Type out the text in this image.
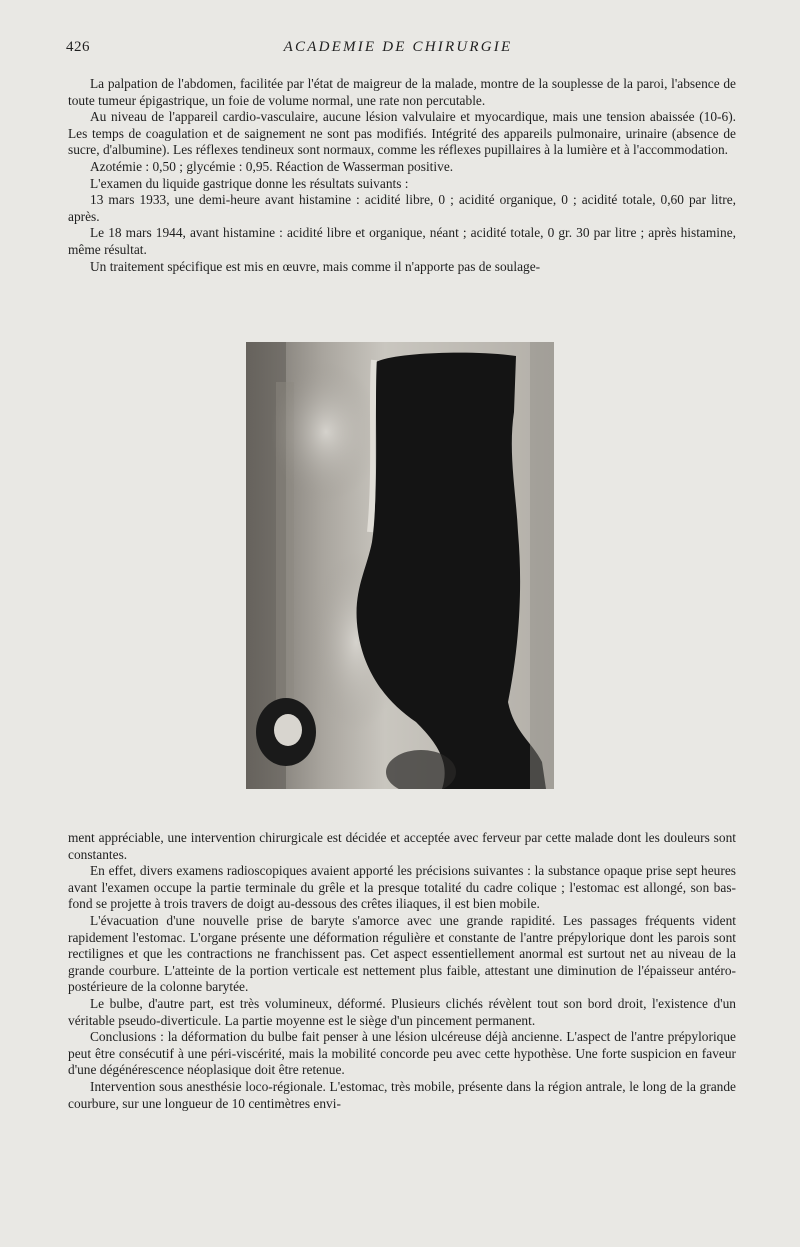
426	ACADEMIE DE CHIRURGIE

La palpation de l'abdomen, facilitée par l'état de maigreur de la malade, montre de la souplesse de la paroi, l'absence de toute tumeur épigastrique, un foie de volume normal, une rate non percutable.

Au niveau de l'appareil cardio-vasculaire, aucune lésion valvulaire et myocardique, mais une tension abaissée (10-6). Les temps de coagulation et de saignement ne sont pas modifiés. Intégrité des appareils pulmonaire, urinaire (absence de sucre, d'albumine). Les réflexes tendineux sont normaux, comme les réflexes pupillaires à la lumière et à l'accommodation.

Azotémie : 0,50 ; glycémie : 0,95. Réaction de Wasserman positive.

L'examen du liquide gastrique donne les résultats suivants :

13 mars 1933, une demi-heure avant histamine : acidité libre, 0 ; acidité organique, 0 ; acidité totale, 0,60 par litre, après.

Le 18 mars 1944, avant histamine : acidité libre et organique, néant ; acidité totale, 0 gr. 30 par litre ; après histamine, même résultat.

Un traitement spécifique est mis en œuvre, mais comme il n'apporte pas de soulage-

ment appréciable, une intervention chirurgicale est décidée et acceptée avec ferveur par cette malade dont les douleurs sont constantes.

En effet, divers examens radioscopiques avaient apporté les précisions suivantes : la substance opaque prise sept heures avant l'examen occupe la partie terminale du grêle et la presque totalité du cadre colique ; l'estomac est allongé, son bas-fond se projette à trois travers de doigt au-dessous des crêtes iliaques, il est bien mobile.

L'évacuation d'une nouvelle prise de baryte s'amorce avec une grande rapidité. Les passages fréquents vident rapidement l'estomac. L'organe présente une déformation régulière et constante de l'antre prépylorique dont les parois sont rectilignes et que les contractions ne franchissent pas. Cet aspect essentiellement anormal est surtout net au niveau de la grande courbure. L'atteinte de la portion verticale est nettement plus faible, attestant une diminution de l'épaisseur antéro-postérieure de la colonne barytée.

Le bulbe, d'autre part, est très volumineux, déformé. Plusieurs clichés révèlent tout son bord droit, l'existence d'un véritable pseudo-diverticule. La partie moyenne est le siège d'un pincement permanent.

Conclusions : la déformation du bulbe fait penser à une lésion ulcéreuse déjà ancienne. L'aspect de l'antre prépylorique peut être consécutif à une péri-viscérité, mais la mobilité concorde peu avec cette hypothèse. Une forte suspicion en faveur d'une dégénérescence néoplasique doit être retenue.

Intervention sous anesthésie loco-régionale. L'estomac, très mobile, présente dans la région antrale, le long de la grande courbure, sur une longueur de 10 centimètres envi-
